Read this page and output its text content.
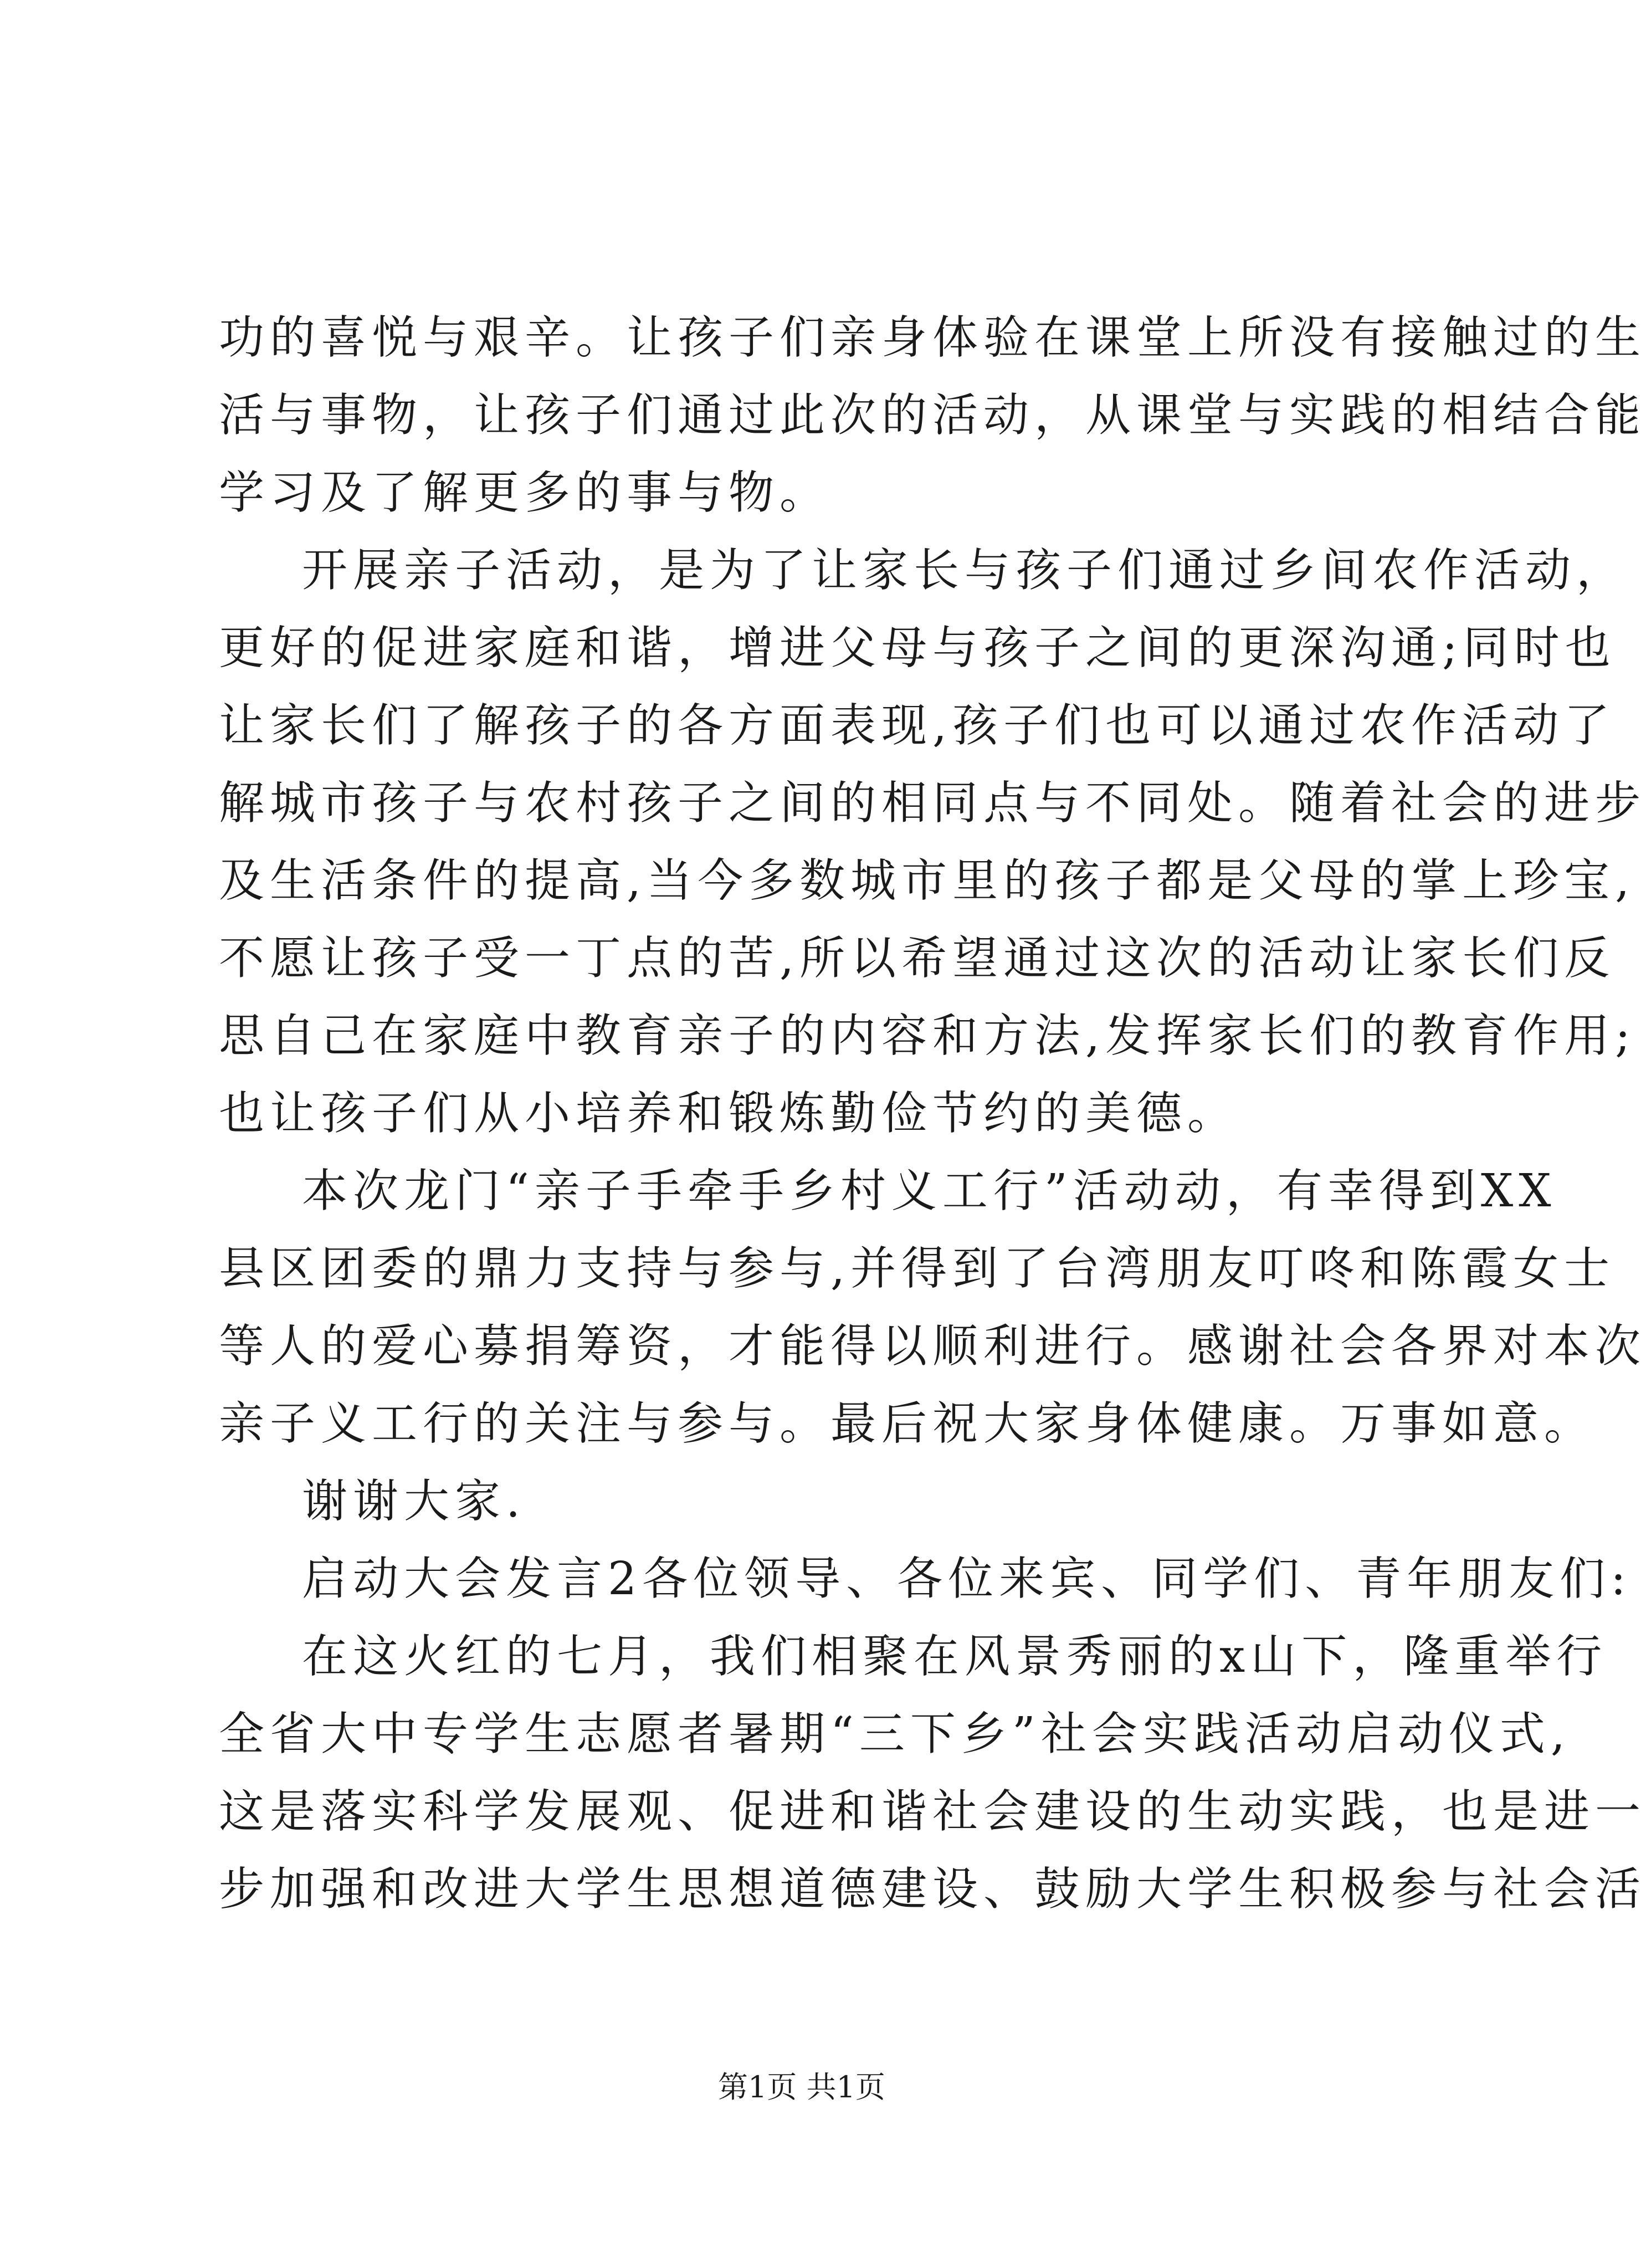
功的喜悦与艰辛。让孩子们亲身体验在课堂上所没有接触过的生
活与事物，让孩子们通过此次的活动，从课堂与实践的相结合能
学习及了解更多的事与物。
开展亲子活动，是为了让家长与孩子们通过乡间农作活动，
更好的促进家庭和谐，增进父母与孩子之间的更深沟通;同时也
让家长们了解孩子的各方面表现,孩子们也可以通过农作活动了
解城市孩子与农村孩子之间的相同点与不同处。随着社会的进步
及生活条件的提高,当今多数城市里的孩子都是父母的掌上珍宝,
不愿让孩子受一丁点的苦,所以希望通过这次的活动让家长们反
思自己在家庭中教育亲子的内容和方法,发挥家长们的教育作用;
也让孩子们从小培养和锻炼勤俭节约的美德。
本次龙门“亲子手牵手乡村义工行”活动动，有幸得到XX
县区团委的鼎力支持与参与,并得到了台湾朋友叮咚和陈霞女士
等人的爱心募捐筹资，才能得以顺利进行。感谢社会各界对本次
亲子义工行的关注与参与。最后祝大家身体健康。万事如意。
谢谢大家.
启动大会发言2各位领导、各位来宾、同学们、青年朋友们:
在这火红的七月，我们相聚在风景秀丽的x山下，隆重举行
全省大中专学生志愿者暑期“三下乡”社会实践活动启动仪式,
这是落实科学发展观、促进和谐社会建设的生动实践，也是进一
步加强和改进大学生思想道德建设、鼓励大学生积极参与社会活
第1页 共1页
